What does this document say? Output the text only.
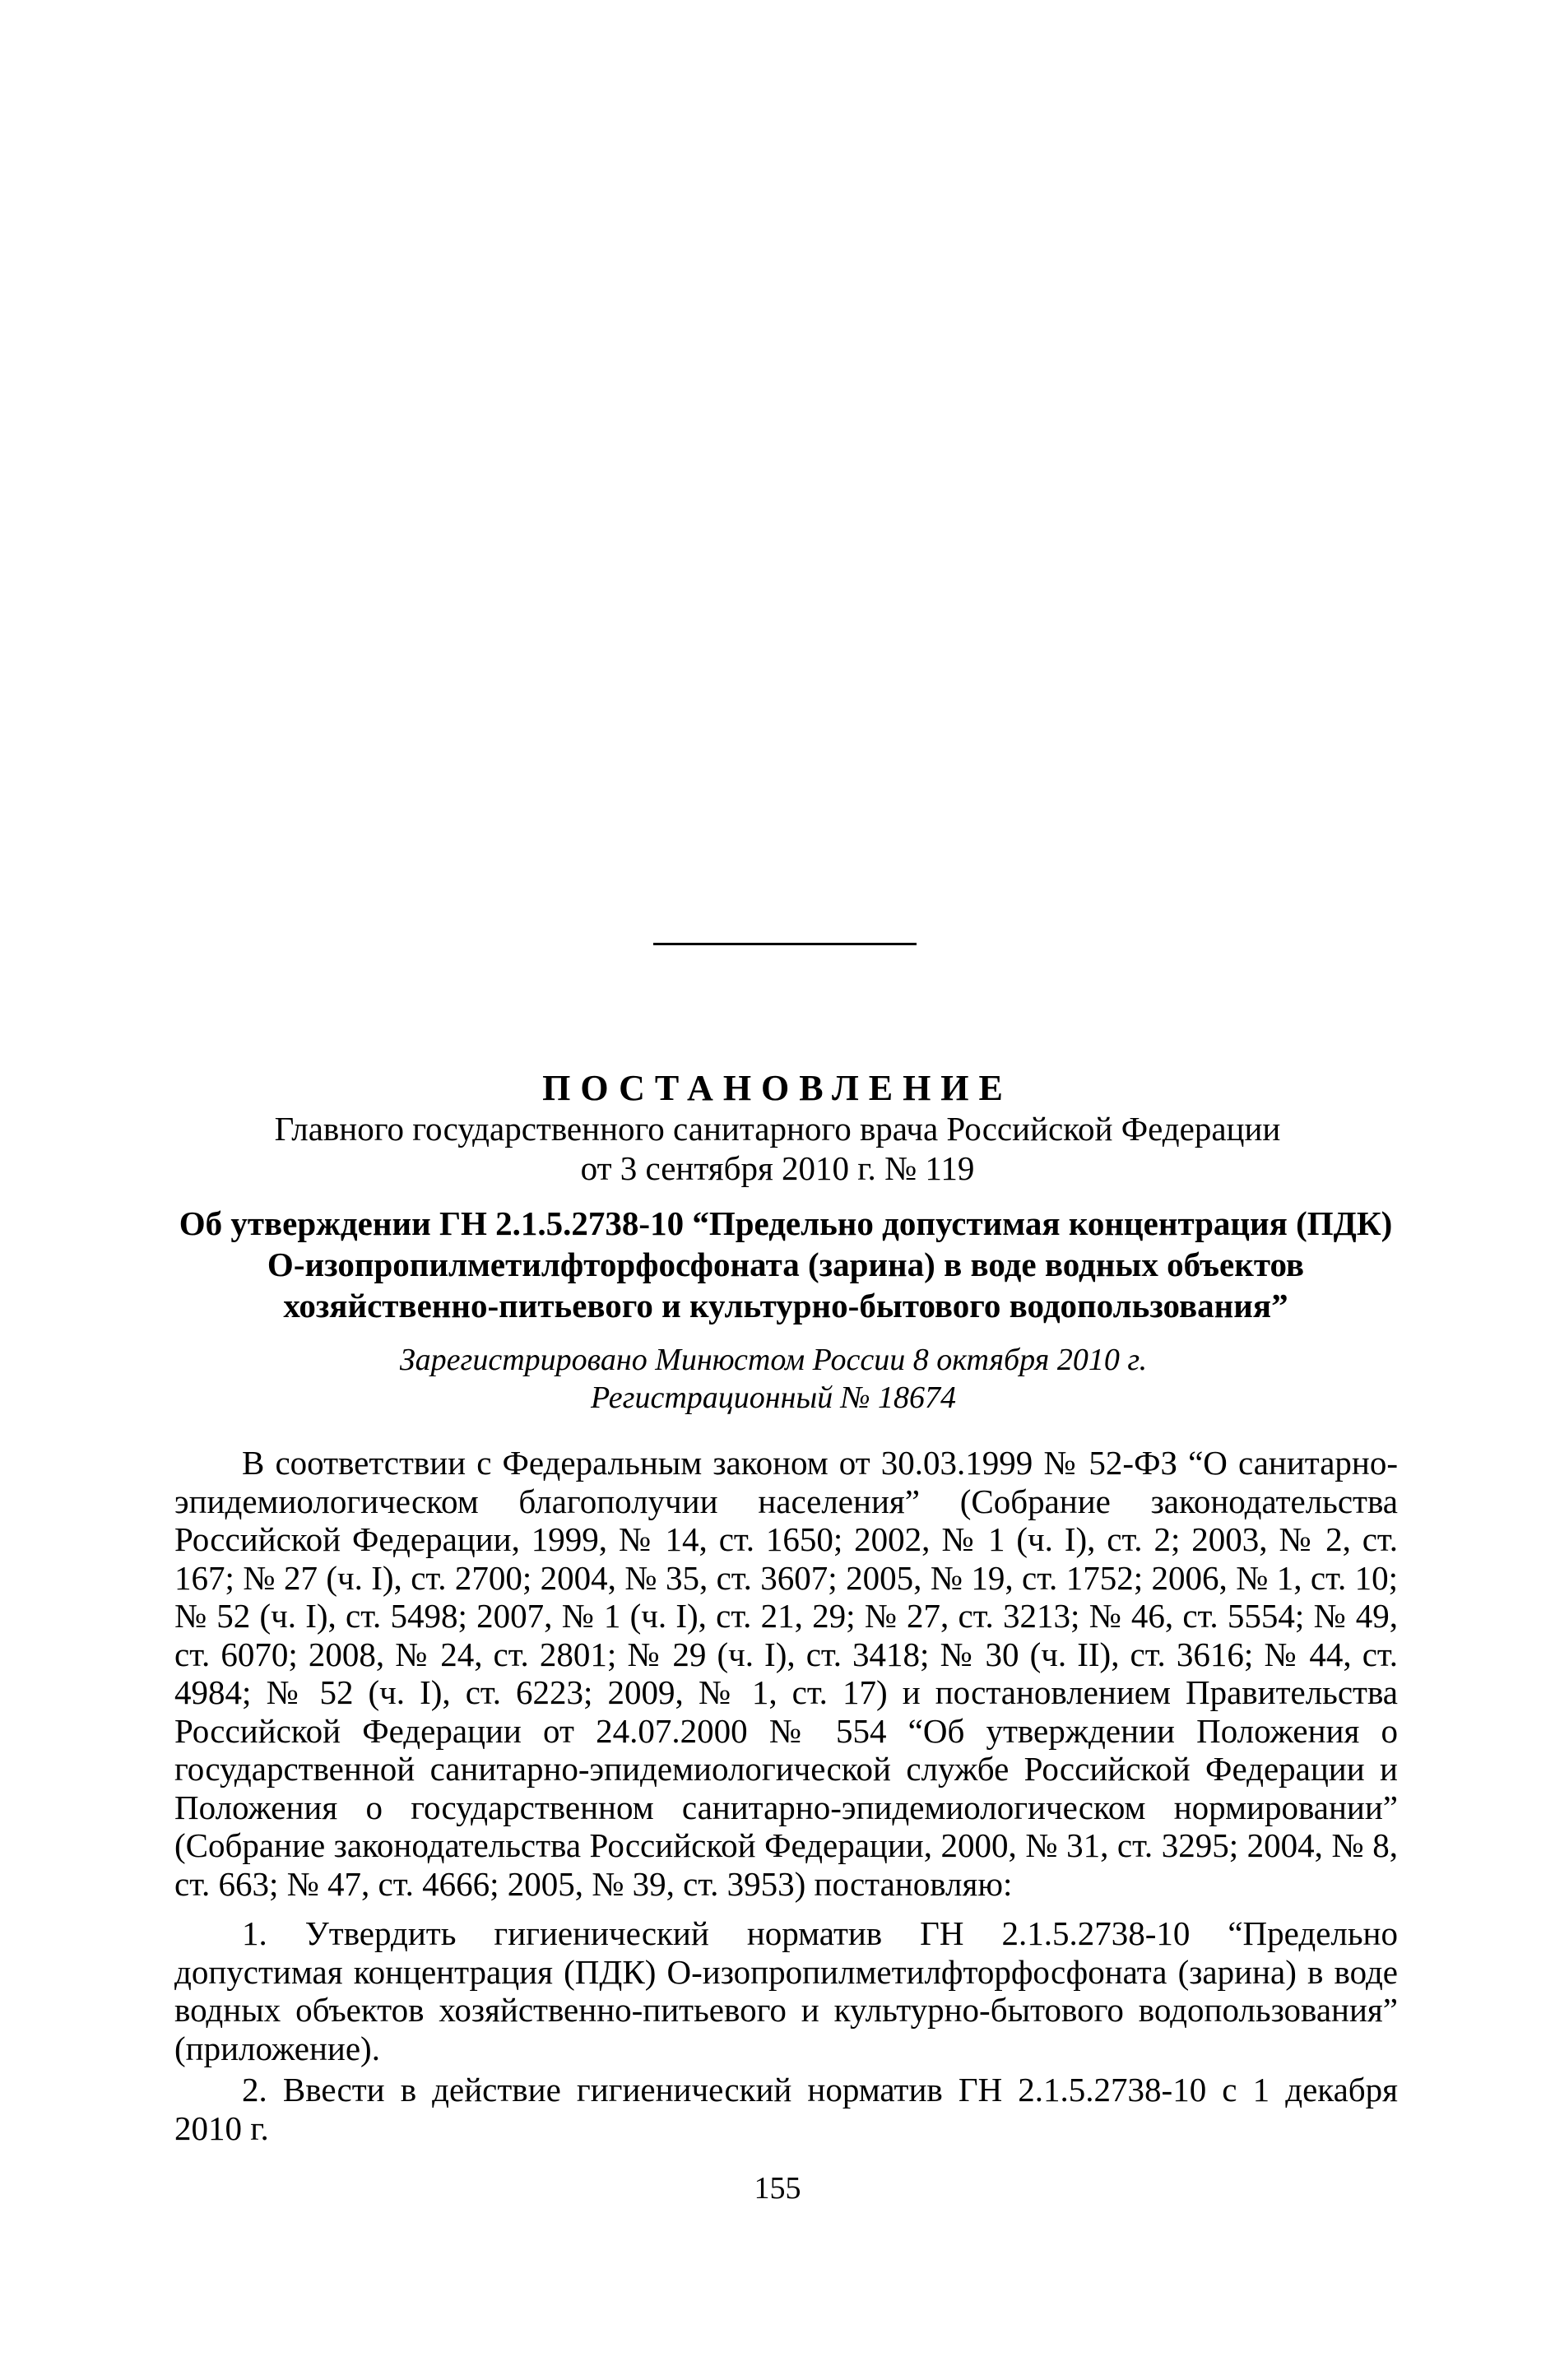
ПОСТАНОВЛЕНИЕ
Главного государственного санитарного врача Российской Федерации
от 3 сентября 2010 г. № 119
Об утверждении ГН 2.1.5.2738-10 “Предельно допустимая концентрация (ПДК) О-изопропилметилфторфосфоната (зарина) в воде водных объектов хозяйственно-питьевого и культурно-бытового водопользования”
Зарегистрировано Минюстом России 8 октября 2010 г.
Регистрационный № 18674

В соответствии с Федеральным законом от 30.03.1999 № 52-ФЗ “О санитарно-эпидемиологическом благополучии населения” (Собрание законодательства Российской Федерации, 1999, № 14, ст. 1650; 2002, № 1 (ч. I), ст. 2; 2003, № 2, ст. 167; № 27 (ч. I), ст. 2700; 2004, № 35, ст. 3607; 2005, № 19, ст. 1752; 2006, № 1, ст. 10; № 52 (ч. I), ст. 5498; 2007, № 1 (ч. I), ст. 21, 29; № 27, ст. 3213; № 46, ст. 5554; № 49, ст. 6070; 2008, № 24, ст. 2801; № 29 (ч. I), ст. 3418; № 30 (ч. II), ст. 3616; № 44, ст. 4984; № 52 (ч. I), ст. 6223; 2009, № 1, ст. 17) и постановлением Правительства Российской Федерации от 24.07.2000 № 554 “Об утверждении Положения о государственной санитарно-эпидемиологической службе Российской Федерации и Положения о государственном санитарно-эпидемиологическом нормировании” (Собрание законодательства Российской Федерации, 2000, № 31, ст. 3295; 2004, № 8, ст. 663; № 47, ст. 4666; 2005, № 39, ст. 3953) постановляю:

1. Утвердить гигиенический норматив ГН 2.1.5.2738-10 “Предельно допустимая концентрация (ПДК) О-изопропилметилфторфосфоната (зарина) в воде водных объектов хозяйственно-питьевого и культурно-бытового водопользования” (приложение).

2. Ввести в действие гигиенический норматив ГН 2.1.5.2738-10 с 1 декабря 2010 г.

155
